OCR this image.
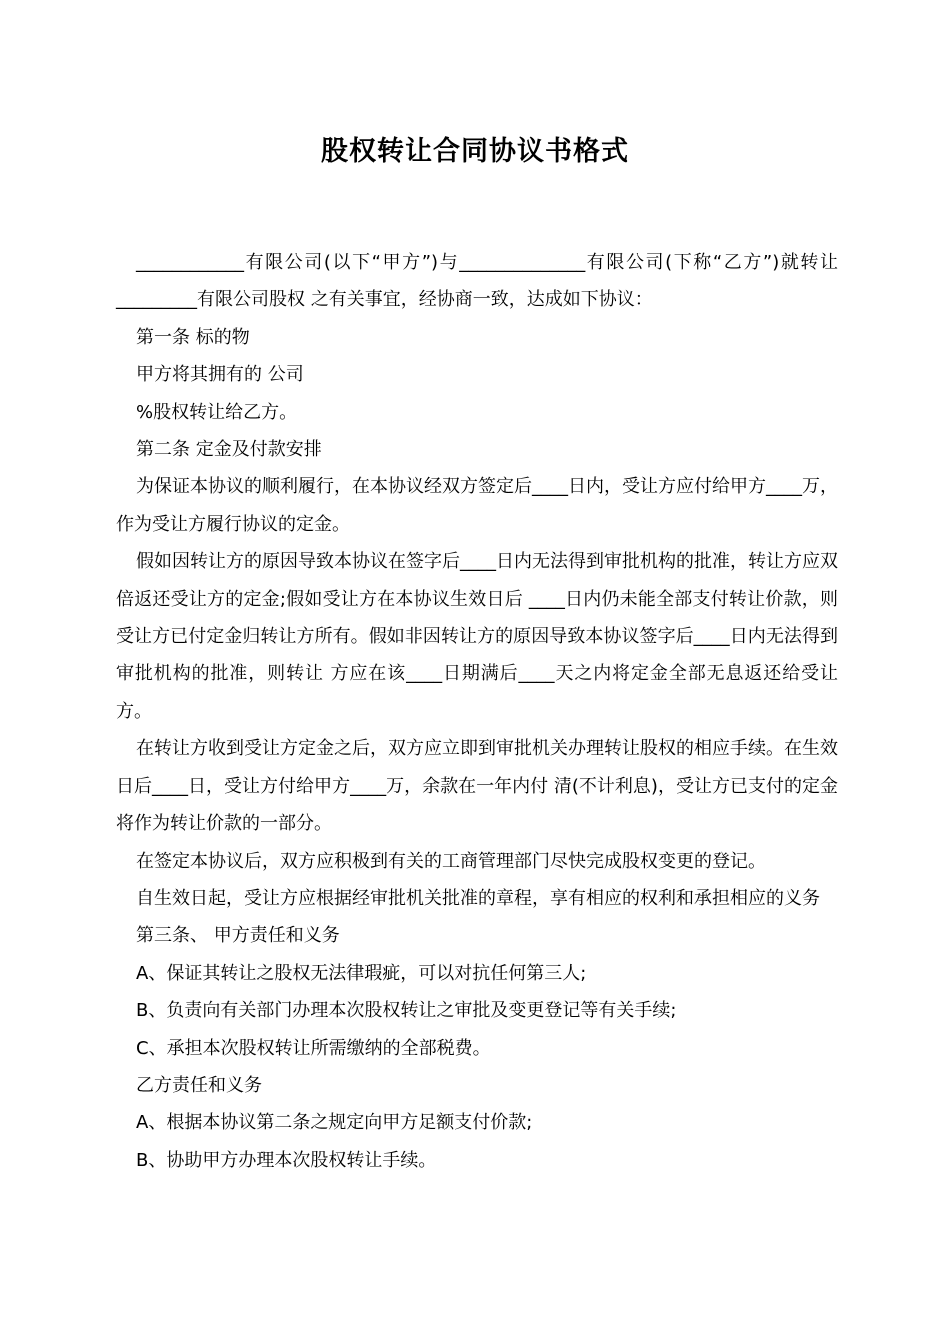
股权转让合同协议书格式

____________有限公司(以下“甲方”)与______________有限公司(下称“乙方”)就转让_________有限公司股权 之有关事宜，经协商一致，达成如下协议：

第一条 标的物

甲方将其拥有的 公司

%股权转让给乙方。

第二条 定金及付款安排

为保证本协议的顺利履行，在本协议经双方签定后____日内，受让方应付给甲方____万，作为受让方履行协议的定金。

假如因转让方的原因导致本协议在签字后____日内无法得到审批机构的批准，转让方应双倍返还受让方的定金;假如受让方在本协议生效日后 ____日内仍未能全部支付转让价款，则受让方已付定金归转让方所有。假如非因转让方的原因导致本协议签字后____日内无法得到审批机构的批准，则转让 方应在该____日期满后____天之内将定金全部无息返还给受让方。

在转让方收到受让方定金之后，双方应立即到审批机关办理转让股权的相应手续。在生效日后____日，受让方付给甲方____万，余款在一年内付 清(不计利息)，受让方已支付的定金将作为转让价款的一部分。

在签定本协议后，双方应积极到有关的工商管理部门尽快完成股权变更的登记。

自生效日起，受让方应根据经审批机关批准的章程，享有相应的权利和承担相应的义务

第三条、 甲方责任和义务

A、保证其转让之股权无法律瑕疵，可以对抗任何第三人;

B、负责向有关部门办理本次股权转让之审批及变更登记等有关手续;

C、承担本次股权转让所需缴纳的全部税费。

乙方责任和义务

A、根据本协议第二条之规定向甲方足额支付价款;

B、协助甲方办理本次股权转让手续。
